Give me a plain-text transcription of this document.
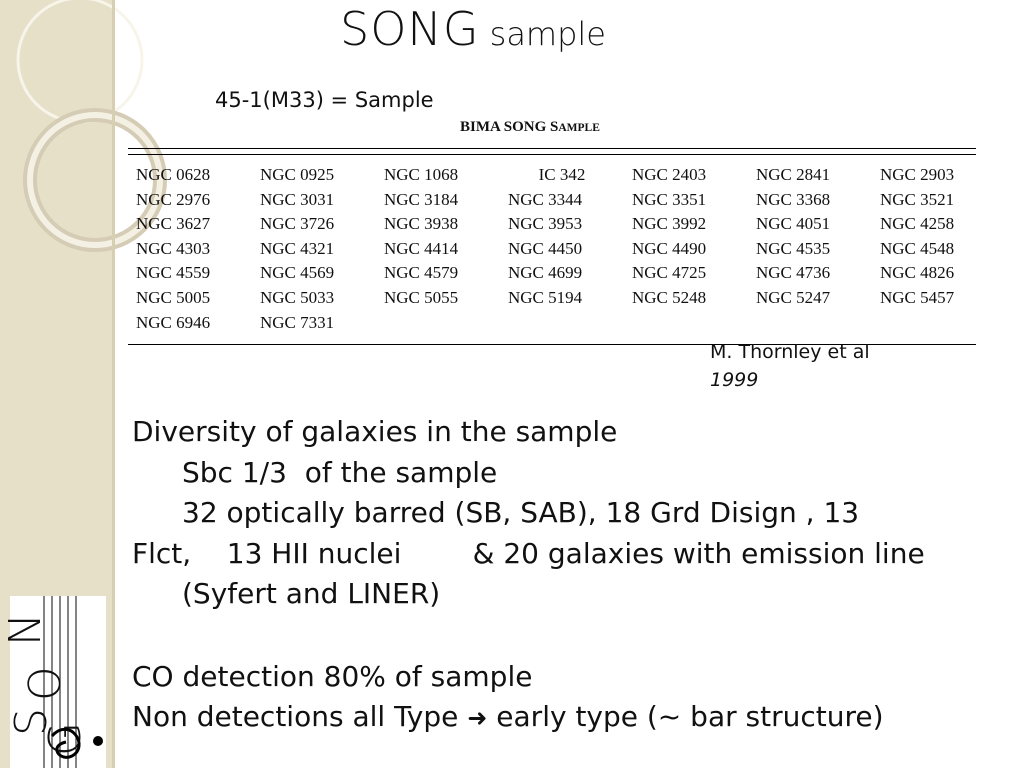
SONG sample
45-1(M33) = Sample
BIMA SONG SAMPLE
NGC 0628	NGC 0925	NGC 1068	IC 342	NGC 2403	NGC 2841	NGC 2903
NGC 2976	NGC 3031	NGC 3184	NGC 3344	NGC 3351	NGC 3368	NGC 3521
NGC 3627	NGC 3726	NGC 3938	NGC 3953	NGC 3992	NGC 4051	NGC 4258
NGC 4303	NGC 4321	NGC 4414	NGC 4450	NGC 4490	NGC 4535	NGC 4548
NGC 4559	NGC 4569	NGC 4579	NGC 4699	NGC 4725	NGC 4736	NGC 4826
NGC 5005	NGC 5033	NGC 5055	NGC 5194	NGC 5248	NGC 5247	NGC 5457
NGC 6946	NGC 7331
M. Thornley et al
1999
Diversity of galaxies in the sample
Sbc 1/3  of the sample
32 optically barred (SB, SAB), 18 Grd Disign , 13
Flct,    13 HII nuclei        & 20 galaxies with emission line
(Syfert and LINER)
CO detection 80% of sample
Non detections all Type ➜ early type (~ bar structure)
N
O
S
G
